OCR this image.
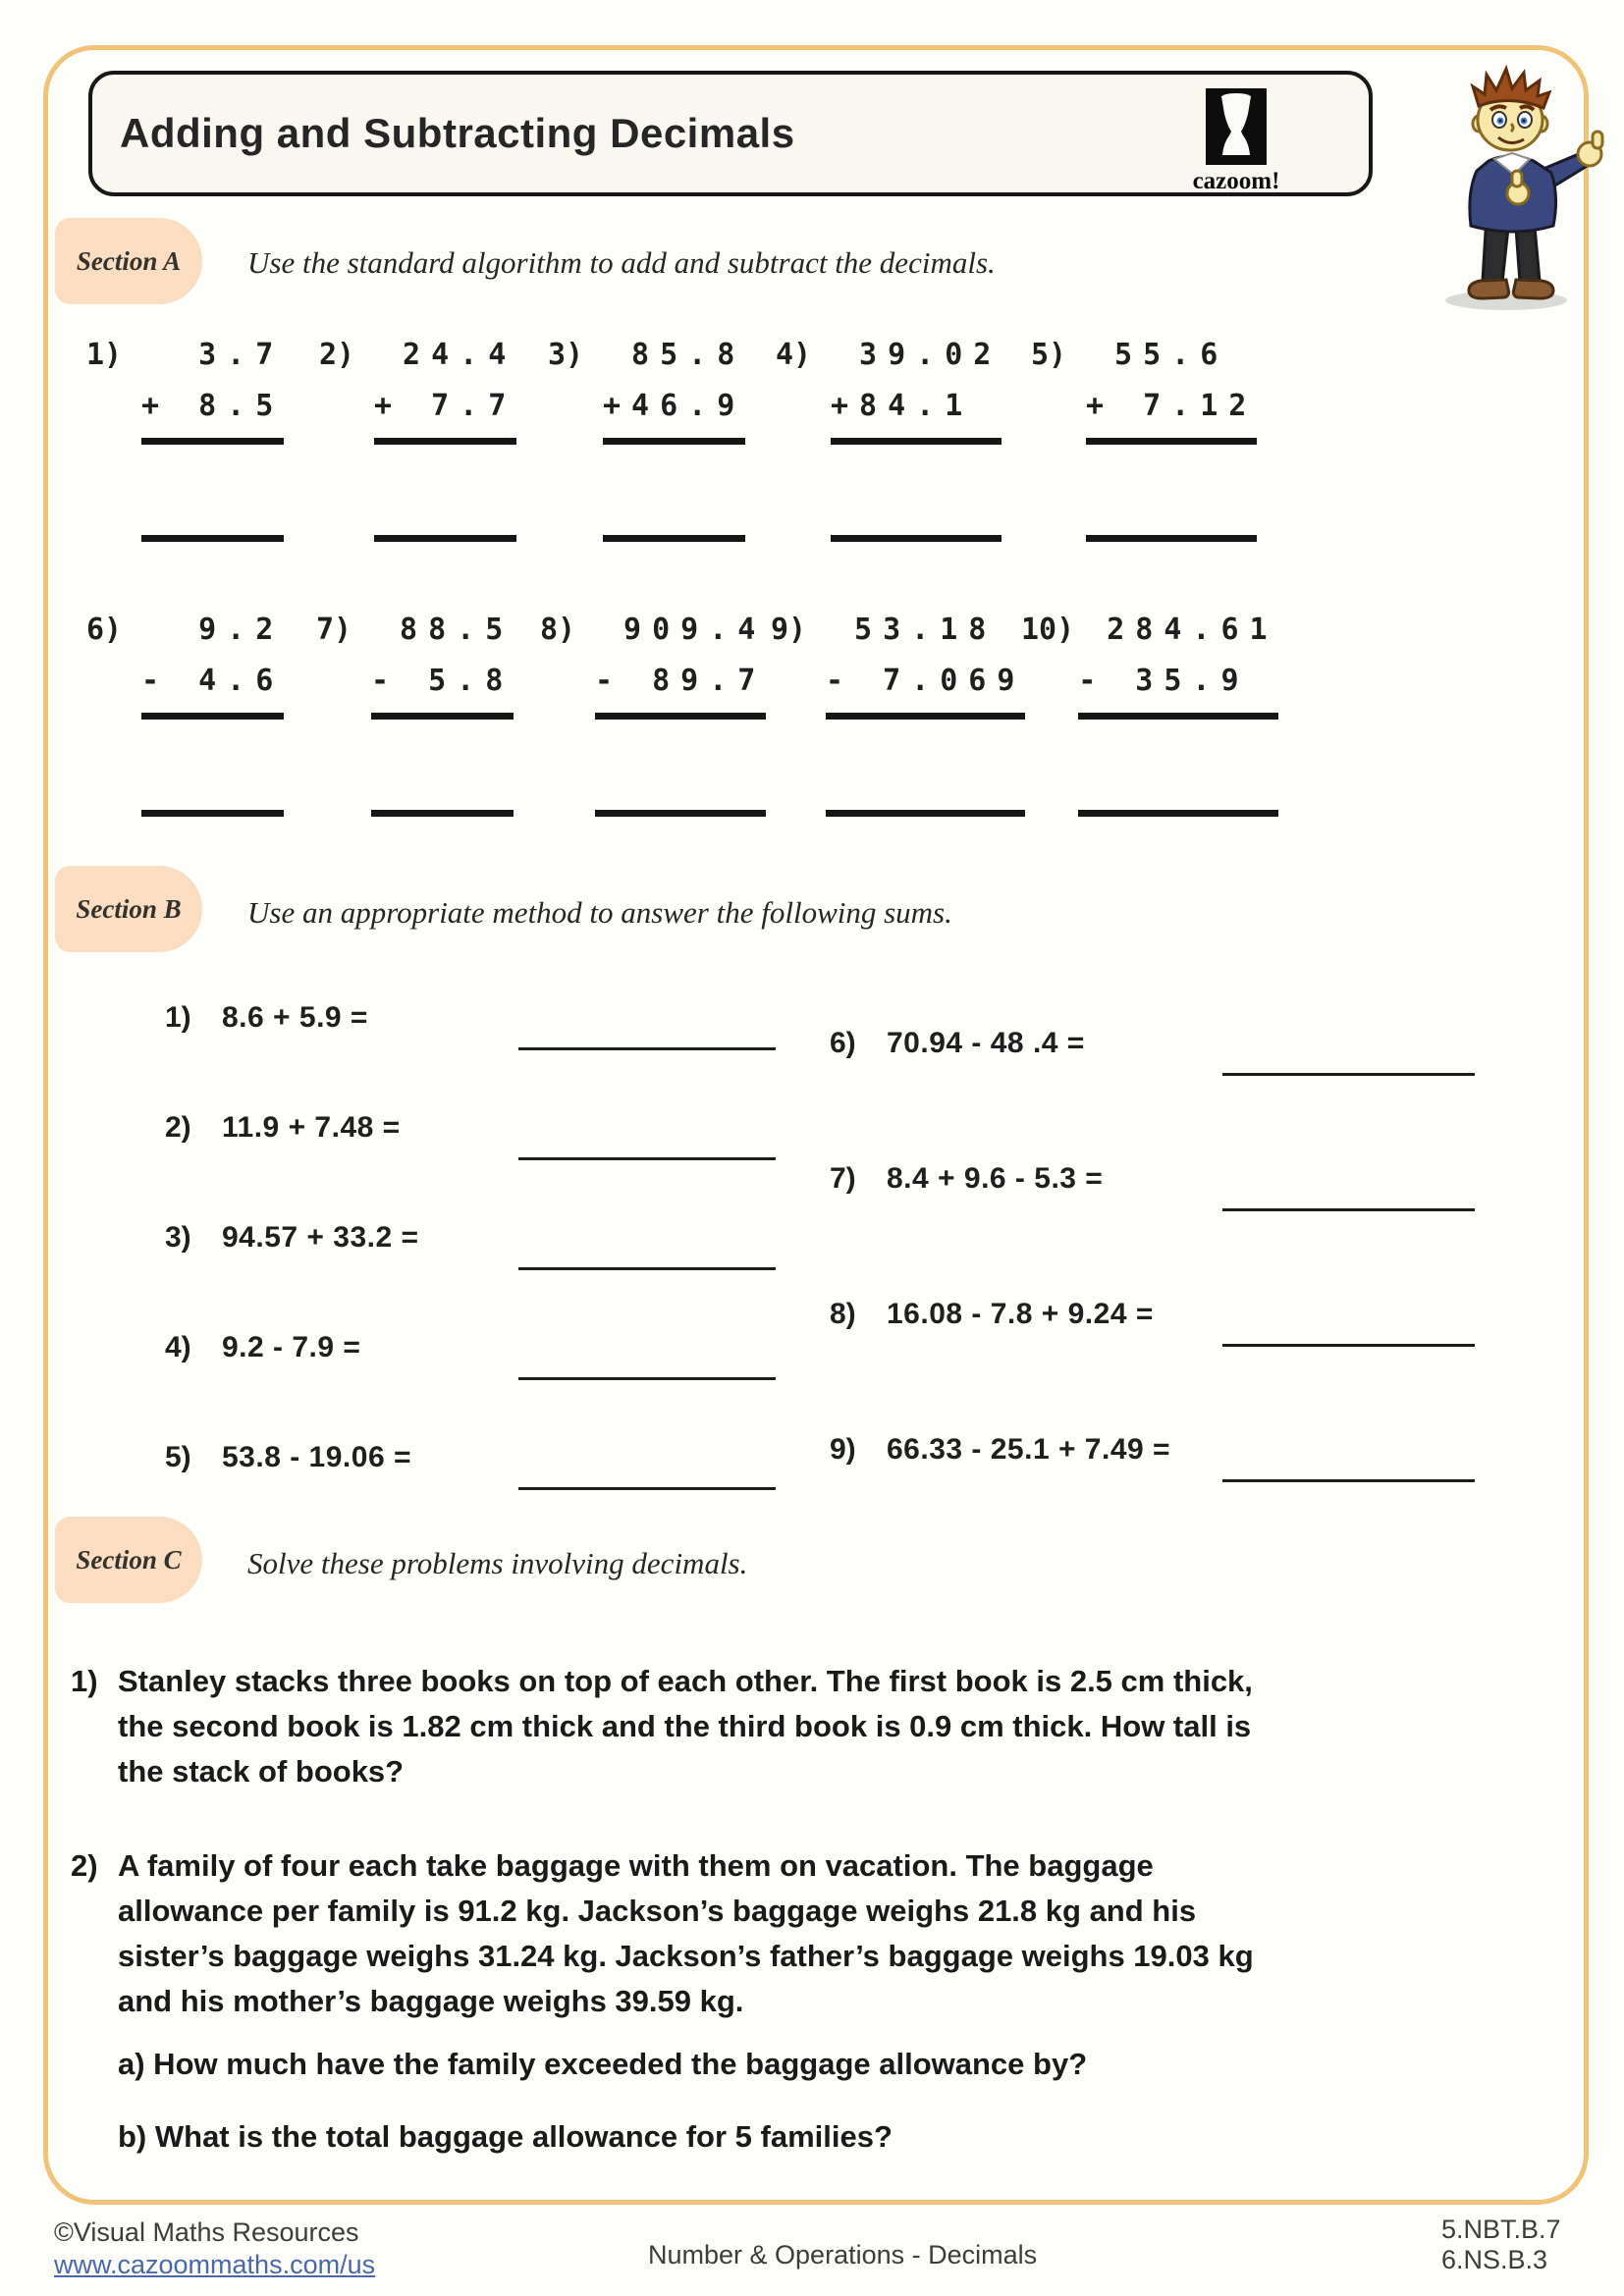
Adding and Subtracting Decimals
cazoom!
Section A Use the standard algorithm to add and subtract the decimals.
1) 3.7
+ 8.5
2) 24.4
+ 7.7
3) 85.8
+46.9
4) 39.02
+84.1
5) 55.6
+ 7.12
6) 9.2
- 4.6
7) 88.5
- 5.8
8) 909.4
- 89.7
9) 53.18
- 7.069
10) 284.61
- 35.9
Section B Use an appropriate method to answer the following sums.
1) 8.6 + 5.9 =
2) 11.9 + 7.48 =
3) 94.57 + 33.2 =
4) 9.2 - 7.9 =
5) 53.8 - 19.06 =
6) 70.94 - 48 .4 =
7) 8.4 + 9.6 - 5.3 =
8) 16.08 - 7.8 + 9.24 =
9) 66.33 - 25.1 + 7.49 =
Section C Solve these problems involving decimals.
1) Stanley stacks three books on top of each other. The first book is 2.5 cm thick,
the second book is 1.82 cm thick and the third book is 0.9 cm thick. How tall is
the stack of books?
2) A family of four each take baggage with them on vacation. The baggage
allowance per family is 91.2 kg. Jackson’s baggage weighs 21.8 kg and his
sister’s baggage weighs 31.24 kg. Jackson’s father’s baggage weighs 19.03 kg
and his mother’s baggage weighs 39.59 kg.
a) How much have the family exceeded the baggage allowance by?
b) What is the total baggage allowance for 5 families?
©Visual Maths Resources
www.cazoommaths.com/us	Number & Operations - Decimals
5.NBT.B.7
6.NS.B.3
